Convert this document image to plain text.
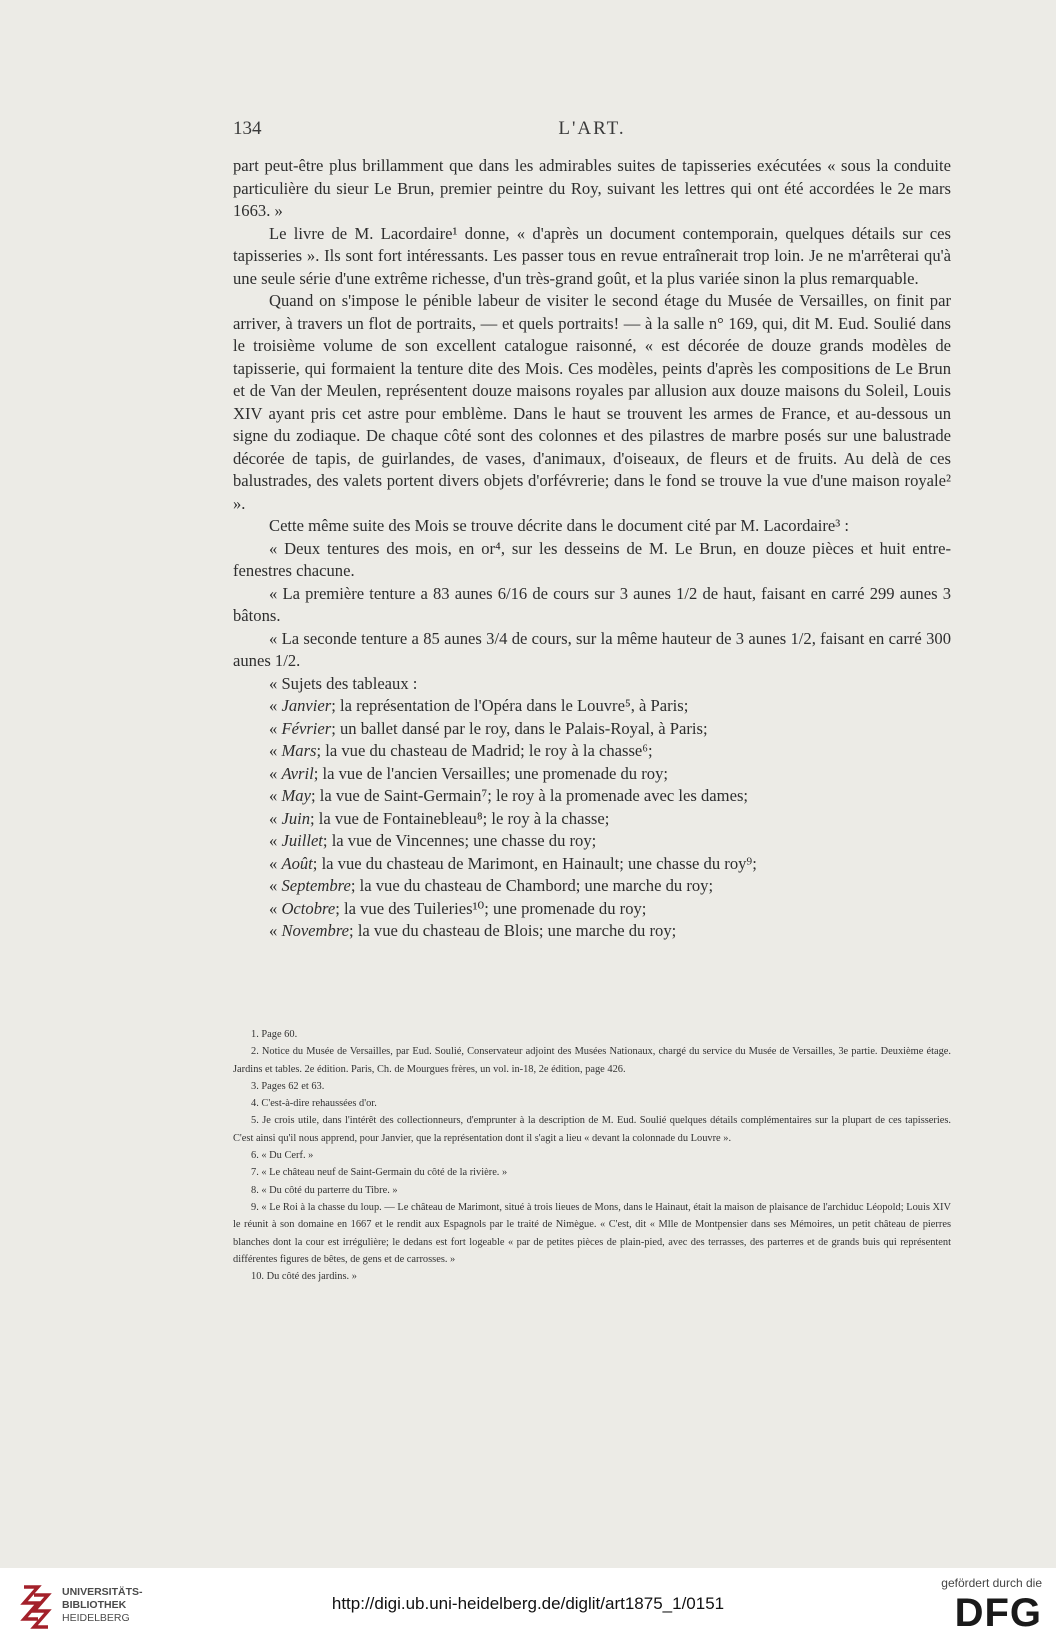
134	L'ART.

part peut-être plus brillamment que dans les admirables suites de tapisseries exécutées « sous la conduite particulière du sieur Le Brun, premier peintre du Roy, suivant les lettres qui ont été accordées le 2e mars 1663. »

Le livre de M. Lacordaire¹ donne, « d'après un document contemporain, quelques détails sur ces tapisseries ». Ils sont fort intéressants. Les passer tous en revue entraînerait trop loin. Je ne m'arrêterai qu'à une seule série d'une extrême richesse, d'un très-grand goût, et la plus variée sinon la plus remarquable.

Quand on s'impose le pénible labeur de visiter le second étage du Musée de Versailles, on finit par arriver, à travers un flot de portraits, — et quels portraits! — à la salle n° 169, qui, dit M. Eud. Soulié dans le troisième volume de son excellent catalogue raisonné, « est décorée de douze grands modèles de tapisserie, qui formaient la tenture dite des Mois. Ces modèles, peints d'après les compositions de Le Brun et de Van der Meulen, représentent douze maisons royales par allusion aux douze maisons du Soleil, Louis XIV ayant pris cet astre pour emblème. Dans le haut se trouvent les armes de France, et au-dessous un signe du zodiaque. De chaque côté sont des colonnes et des pilastres de marbre posés sur une balustrade décorée de tapis, de guirlandes, de vases, d'animaux, d'oiseaux, de fleurs et de fruits. Au delà de ces balustrades, des valets portent divers objets d'orfévrerie; dans le fond se trouve la vue d'une maison royale² ».

Cette même suite des Mois se trouve décrite dans le document cité par M. Lacordaire³ :

« Deux tentures des mois, en or⁴, sur les desseins de M. Le Brun, en douze pièces et huit entre-fenestres chacune.

« La première tenture a 83 aunes 6/16 de cours sur 3 aunes 1/2 de haut, faisant en carré 299 aunes 3 bâtons.

« La seconde tenture a 85 aunes 3/4 de cours, sur la même hauteur de 3 aunes 1/2, faisant en carré 300 aunes 1/2.

« Sujets des tableaux :

« Janvier; la représentation de l'Opéra dans le Louvre⁵, à Paris;

« Février; un ballet dansé par le roy, dans le Palais-Royal, à Paris;

« Mars; la vue du chasteau de Madrid; le roy à la chasse⁶;

« Avril; la vue de l'ancien Versailles; une promenade du roy;

« May; la vue de Saint-Germain⁷; le roy à la promenade avec les dames;

« Juin; la vue de Fontainebleau⁸; le roy à la chasse;

« Juillet; la vue de Vincennes; une chasse du roy;

« Août; la vue du chasteau de Marimont, en Hainault; une chasse du roy⁹;

« Septembre; la vue du chasteau de Chambord; une marche du roy;

« Octobre; la vue des Tuileries¹⁰; une promenade du roy;

« Novembre; la vue du chasteau de Blois; une marche du roy;

1. Page 60.

2. Notice du Musée de Versailles, par Eud. Soulié, Conservateur adjoint des Musées Nationaux, chargé du service du Musée de Versailles, 3e partie. Deuxième étage. Jardins et tables. 2e édition. Paris, Ch. de Mourgues frères, un vol. in-18, 2e édition, page 426.

3. Pages 62 et 63.

4. C'est-à-dire rehaussées d'or.

5. Je crois utile, dans l'intérêt des collectionneurs, d'emprunter à la description de M. Eud. Soulié quelques détails complémentaires sur la plupart de ces tapisseries. C'est ainsi qu'il nous apprend, pour Janvier, que la représentation dont il s'agit a lieu « devant la colonnade du Louvre ».

6. « Du Cerf. »

7. « Le château neuf de Saint-Germain du côté de la rivière. »

8. « Du côté du parterre du Tibre. »

9. « Le Roi à la chasse du loup. — Le château de Marimont, situé à trois lieues de Mons, dans le Hainaut, était la maison de plaisance de l'archiduc Léopold; Louis XIV le réunit à son domaine en 1667 et le rendit aux Espagnols par le traité de Nimègue. « C'est, dit « Mlle de Montpensier dans ses Mémoires, un petit château de pierres blanches dont la cour est irrégulière; le dedans est fort logeable « par de petites pièces de plain-pied, avec des terrasses, des parterres et de grands buis qui représentent différentes figures de bêtes, de gens et de carrosses. »

10. Du côté des jardins. »

UNIVERSITÄTS-
BIBLIOTHEK
HEIDELBERG
http://digi.ub.uni-heidelberg.de/diglit/art1875_1/0151
gefördert durch die
DFG
